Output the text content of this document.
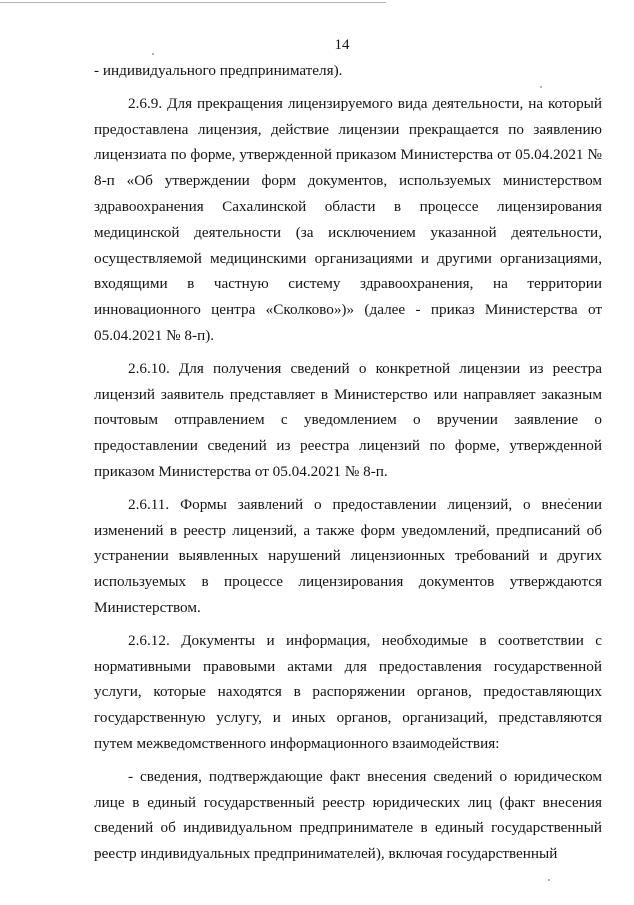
14

- индивидуального предпринимателя).

2.6.9. Для прекращения лицензируемого вида деятельности, на который предоставлена лицензия, действие лицензии прекращается по заявлению лицензиата по форме, утвержденной приказом Министерства от 05.04.2021 № 8-п «Об утверждении форм документов, используемых министерством здравоохранения Сахалинской области в процессе лицензирования медицинской деятельности (за исключением указанной деятельности, осуществляемой медицинскими организациями и другими организациями, входящими в частную систему здравоохранения, на территории инновационного центра «Сколково»)» (далее - приказ Министерства от 05.04.2021 № 8-п).

2.6.10. Для получения сведений о конкретной лицензии из реестра лицензий заявитель представляет в Министерство или направляет заказным почтовым отправлением с уведомлением о вручении заявление о предоставлении сведений из реестра лицензий по форме, утвержденной приказом Министерства от 05.04.2021 № 8-п.

2.6.11. Формы заявлений о предоставлении лицензий, о внесении изменений в реестр лицензий, а также форм уведомлений, предписаний об устранении выявленных нарушений лицензионных требований и других используемых в процессе лицензирования документов утверждаются Министерством.

2.6.12. Документы и информация, необходимые в соответствии с нормативными правовыми актами для предоставления государственной услуги, которые находятся в распоряжении органов, предоставляющих государственную услугу, и иных органов, организаций, представляются путем межведомственного информационного взаимодействия:

- сведения, подтверждающие факт внесения сведений о юридическом лице в единый государственный реестр юридических лиц (факт внесения сведений об индивидуальном предпринимателе в единый государственный реестр индивидуальных предпринимателей), включая государственный
